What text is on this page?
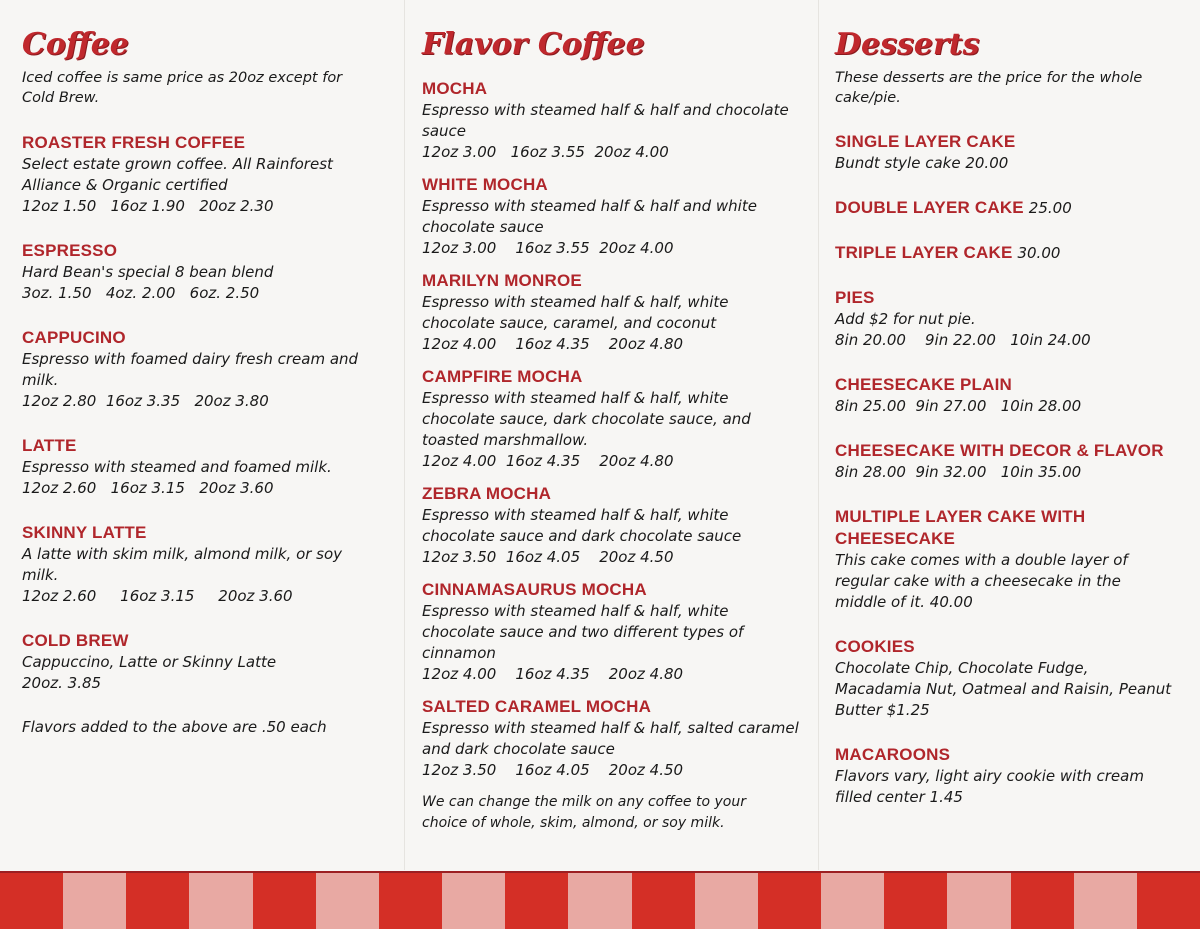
Coffee

Iced coffee is same price as 20oz except for Cold Brew.

ROASTER FRESH COFFEE
Select estate grown coffee. All Rainforest Alliance & Organic certified
12oz 1.50   16oz 1.90   20oz 2.30
ESPRESSO
Hard Bean's special 8 bean blend
3oz. 1.50   4oz. 2.00   6oz. 2.50
CAPPUCINO
Espresso with foamed dairy fresh cream and milk.
12oz 2.80  16oz 3.35   20oz 3.80
LATTE
Espresso with steamed and foamed milk.
12oz 2.60   16oz 3.15   20oz 3.60
SKINNY LATTE
A latte with skim milk, almond milk, or soy milk.
12oz 2.60     16oz 3.15     20oz 3.60
COLD BREW
Cappuccino, Latte or Skinny Latte
20oz. 3.85
Flavors added to the above are .50 each
Flavor Coffee
MOCHA
Espresso with steamed half & half and chocolate sauce
12oz 3.00   16oz 3.55  20oz 4.00
WHITE MOCHA
Espresso with steamed half & half and white chocolate sauce
12oz 3.00    16oz 3.55  20oz 4.00
MARILYN MONROE
Espresso with steamed half & half, white chocolate sauce, caramel, and coconut
12oz 4.00    16oz 4.35    20oz 4.80
CAMPFIRE MOCHA
Espresso with steamed half & half, white chocolate sauce, dark chocolate sauce, and toasted marshmallow.
12oz 4.00  16oz 4.35    20oz 4.80
ZEBRA MOCHA
Espresso with steamed half & half, white chocolate sauce and dark chocolate sauce
12oz 3.50  16oz 4.05    20oz 4.50
CINNAMASAURUS MOCHA
Espresso with steamed half & half, white chocolate sauce and two different types of cinnamon
12oz 4.00    16oz 4.35    20oz 4.80
SALTED CARAMEL MOCHA
Espresso with steamed half & half, salted caramel and dark chocolate sauce
12oz 3.50    16oz 4.05    20oz 4.50
We can change the milk on any coffee to your choice of whole, skim, almond, or soy milk.
Desserts

These desserts are the price for the whole cake/pie.

SINGLE LAYER CAKE
Bundt style cake 20.00
DOUBLE LAYER CAKE 25.00
TRIPLE LAYER CAKE 30.00
PIES
Add $2 for nut pie.
8in 20.00    9in 22.00   10in 24.00
CHEESECAKE PLAIN
8in 25.00  9in 27.00   10in 28.00
CHEESECAKE WITH DECOR & FLAVOR
8in 28.00  9in 32.00   10in 35.00
MULTIPLE LAYER CAKE WITH CHEESECAKE
This cake comes with a double layer of regular cake with a cheesecake in the middle of it. 40.00
COOKIES
Chocolate Chip, Chocolate Fudge, Macadamia Nut, Oatmeal and Raisin, Peanut Butter $1.25
MACAROONS
Flavors vary, light airy cookie with cream filled center 1.45
